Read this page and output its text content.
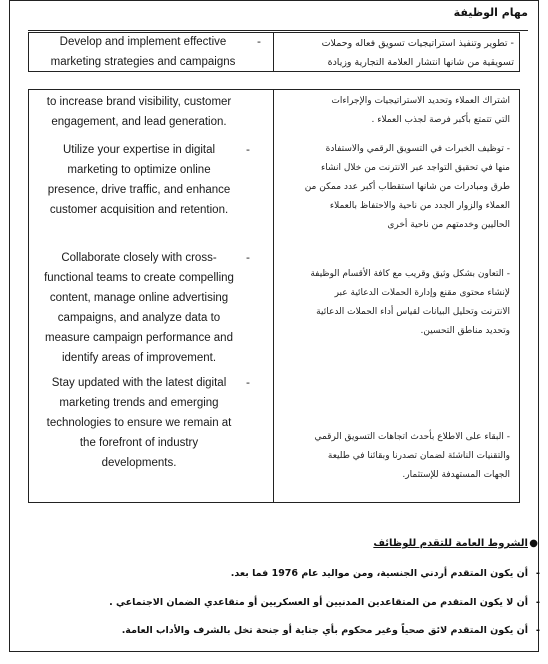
مهام الوظيفة
Develop and implement effective
marketing strategies and campaigns
-	- تطوير وتنفيذ استراتيجيات تسويق فعاله وحملات
تسويقية من شانها انتشار العلامة التجارية وزيادة
to increase brand visibility, customer
engagement, and lead generation.
اشتراك العملاء وتحديد الاستراتيجيات والإجراءات
التي تتمتع بأكبر فرصة لجذب العملاء .
Utilize your expertise in digital
marketing to optimize online
presence, drive traffic, and enhance
customer acquisition and retention.
-	- توظيف الخبرات في التسويق الرقمي والاستفادة
منها في تحقيق التواجد عبر الانترنت من خلال انشاء
طرق ومبادرات من شانها استقطاب أكبر عدد ممكن من
العملاء والزوار الجدد من ناحية والاحتفاظ بالعملاء
الحاليين وخدمتهم من ناحية أخرى
Collaborate closely with cross-
functional teams to create compelling
content, manage online advertising
campaigns, and analyze data to
measure campaign performance and
identify areas of improvement.
-
- التعاون بشكل وثيق وقريب مع كافة الأقسام الوظيفة
لإنشاء محتوى مقنع وإدارة الحملات الدعائية عبر
الانترنت وتحليل البيانات لقياس أداء الحملات الدعائية
وتحديد مناطق التحسين.
Stay updated with the latest digital
marketing trends and emerging
technologies to ensure we remain at
the forefront of industry
developments.
-
- البقاء على الاطلاع بأحدث اتجاهات التسويق الرقمي
والتقنيات الناشئة لضمان تصدرنا وبقائنا في طليعة
الجهات المستهدفة للإستثمار.
●
الشروط العامة للتقدم للوظائف
-
أن يكون المتقدم أردني الجنسية، ومن مواليد عام 1976 فما بعد.
-
أن لا يكون المتقدم من المتقاعدين المدنيين أو العسكريين أو متقاعدي الضمان الاجتماعي .
-
أن يكون المتقدم لائق صحياً وغير محكوم بأي جناية أو جنحة تخل بالشرف والأداب العامة.
